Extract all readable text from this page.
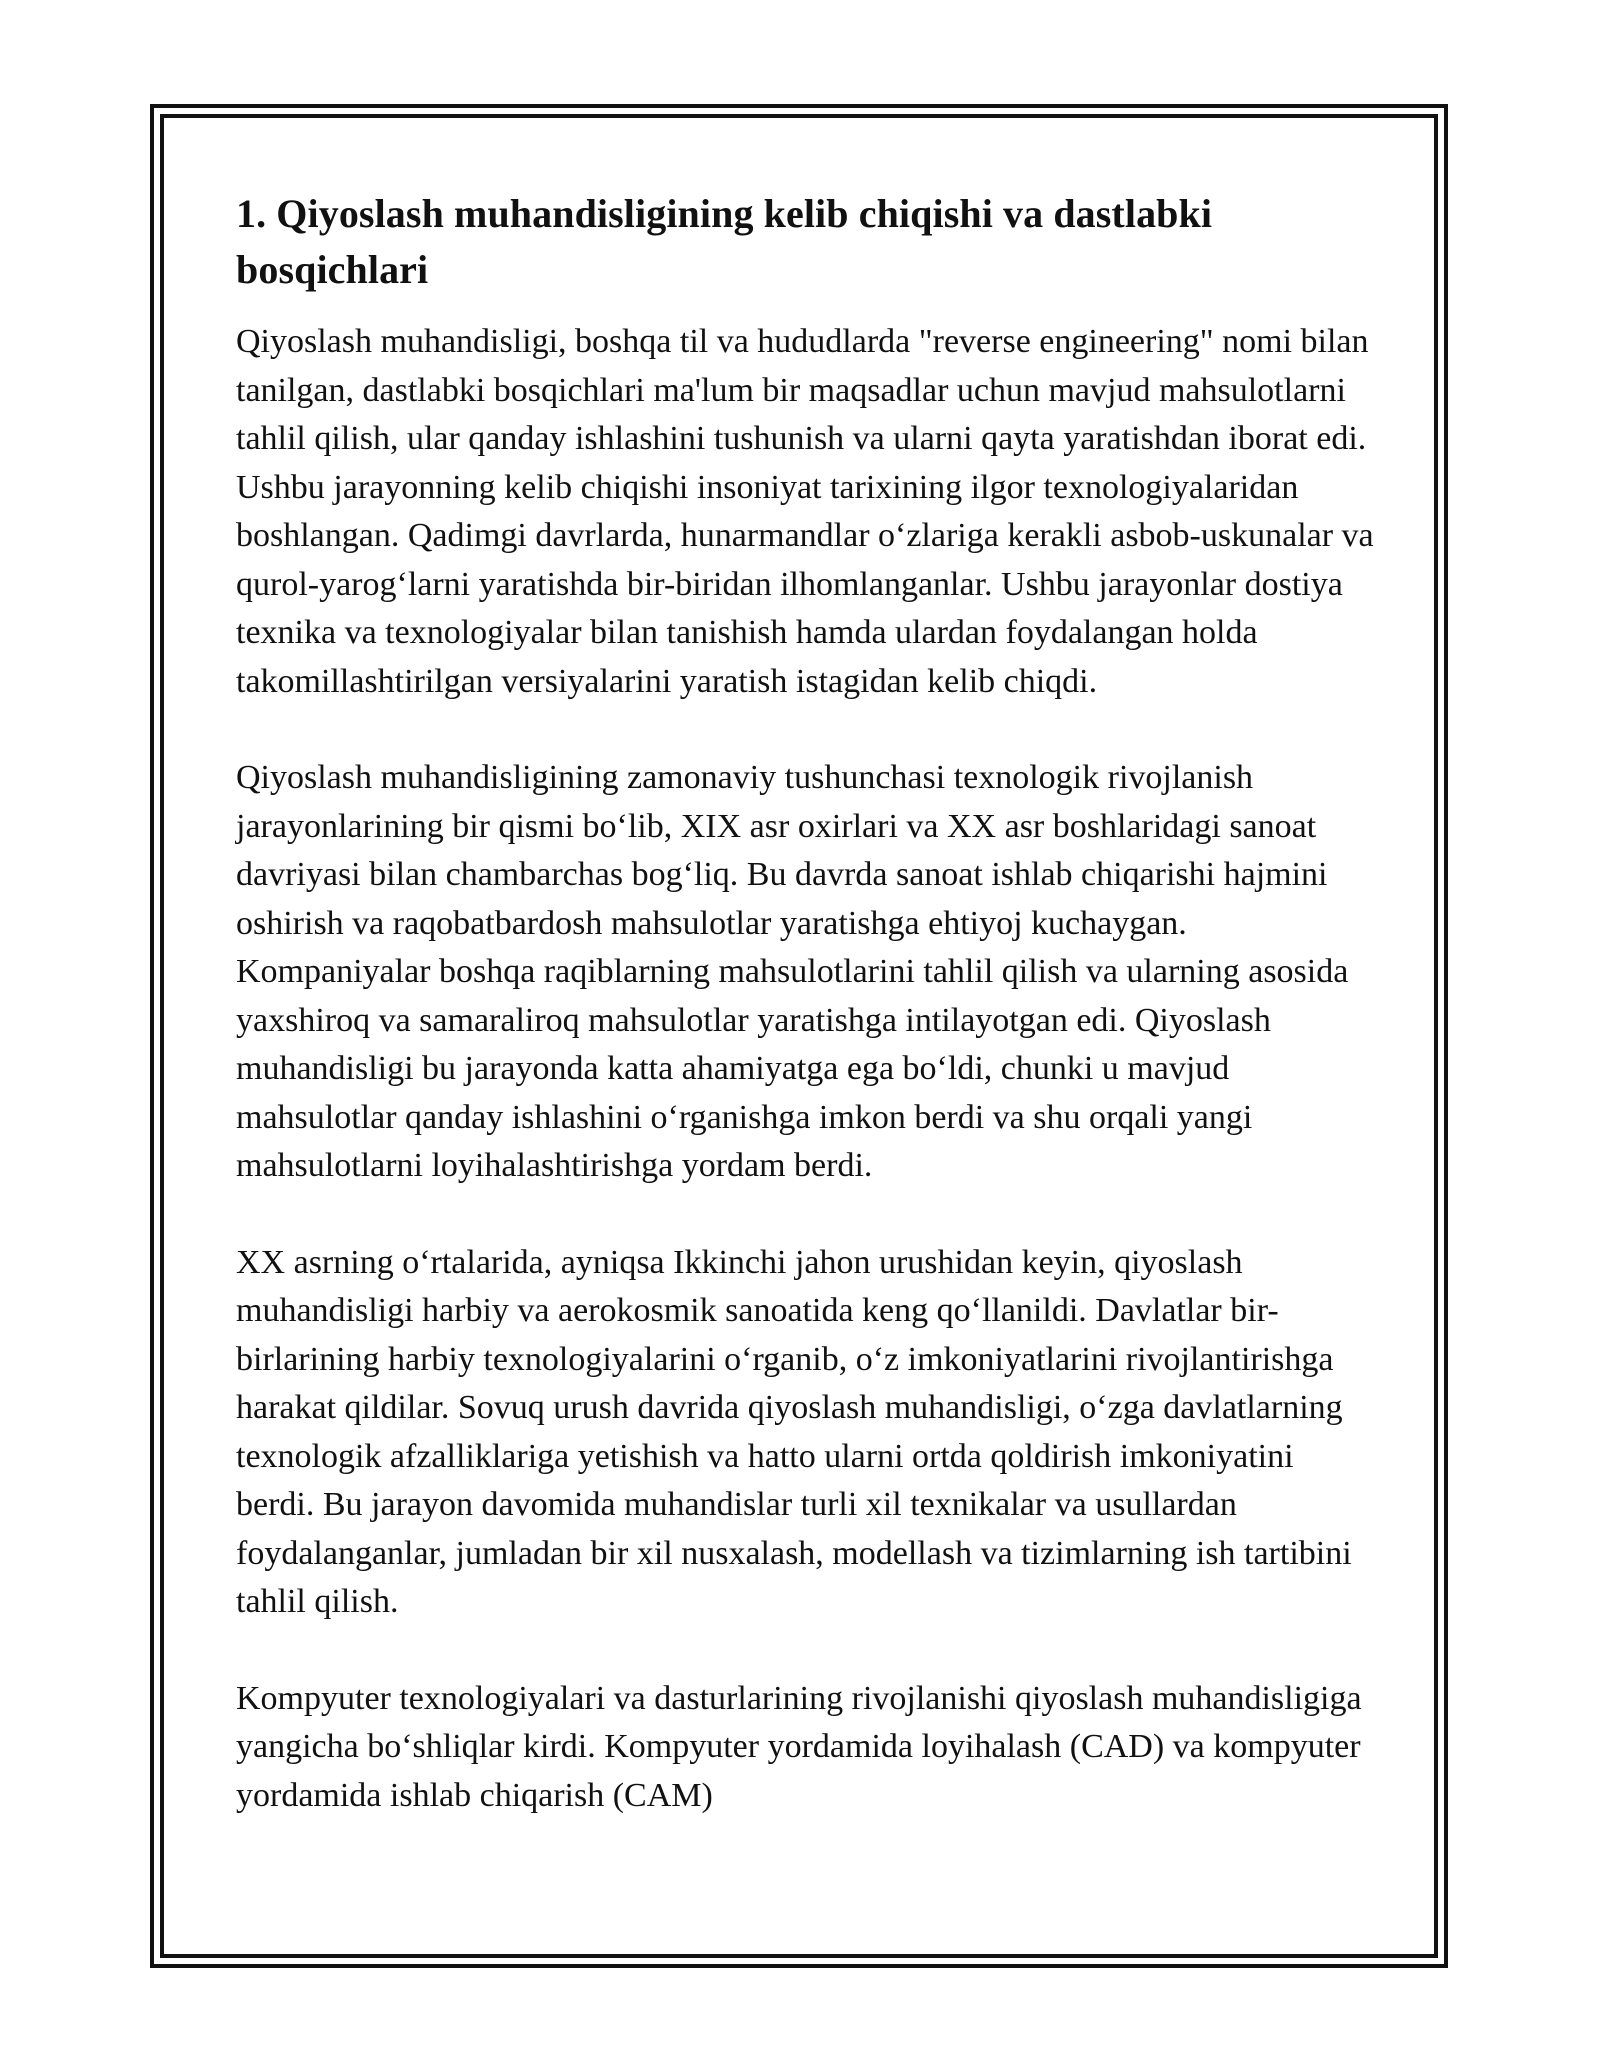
1. Qiyoslash muhandisligining kelib chiqishi va dastlabki bosqichlari

Qiyoslash muhandisligi, boshqa til va hududlarda "reverse engineering" nomi bilan tanilgan, dastlabki bosqichlari ma'lum bir maqsadlar uchun mavjud mahsulotlarni tahlil qilish, ular qanday ishlashini tushunish va ularni qayta yaratishdan iborat edi. Ushbu jarayonning kelib chiqishi insoniyat tarixining ilgor texnologiyalaridan boshlangan. Qadimgi davrlarda, hunarmandlar oʻzlariga kerakli asbob-uskunalar va qurol-yarogʻlarni yaratishda bir-biridan ilhomlanganlar. Ushbu jarayonlar dostiya texnika va texnologiyalar bilan tanishish hamda ulardan foydalangan holda takomillashtirilgan versiyalarini yaratish istagidan kelib chiqdi.

Qiyoslash muhandisligining zamonaviy tushunchasi texnologik rivojlanish jarayonlarining bir qismi boʻlib, XIX asr oxirlari va XX asr boshlaridagi sanoat davriyasi bilan chambarchas bogʻliq. Bu davrda sanoat ishlab chiqarishi hajmini oshirish va raqobatbardosh mahsulotlar yaratishga ehtiyoj kuchaygan. Kompaniyalar boshqa raqiblarning mahsulotlarini tahlil qilish va ularning asosida yaxshiroq va samaraliroq mahsulotlar yaratishga intilayotgan edi. Qiyoslash muhandisligi bu jarayonda katta ahamiyatga ega boʻldi, chunki u mavjud mahsulotlar qanday ishlashini oʻrganishga imkon berdi va shu orqali yangi mahsulotlarni loyihalashtirishga yordam berdi.

XX asrning oʻrtalarida, ayniqsa Ikkinchi jahon urushidan keyin, qiyoslash muhandisligi harbiy va aerokosmik sanoatida keng qoʻllanildi. Davlatlar bir-birlarining harbiy texnologiyalarini oʻrganib, oʻz imkoniyatlarini rivojlantirishga harakat qildilar. Sovuq urush davrida qiyoslash muhandisligi, oʻzga davlatlarning texnologik afzalliklariga yetishish va hatto ularni ortda qoldirish imkoniyatini berdi. Bu jarayon davomida muhandislar turli xil texnikalar va usullardan foydalanganlar, jumladan bir xil nusxalash, modellash va tizimlarning ish tartibini tahlil qilish.

Kompyuter texnologiyalari va dasturlarining rivojlanishi qiyoslash muhandisligiga yangicha boʻshliqlar kirdi. Kompyuter yordamida loyihalash (CAD) va kompyuter yordamida ishlab chiqarish (CAM)
